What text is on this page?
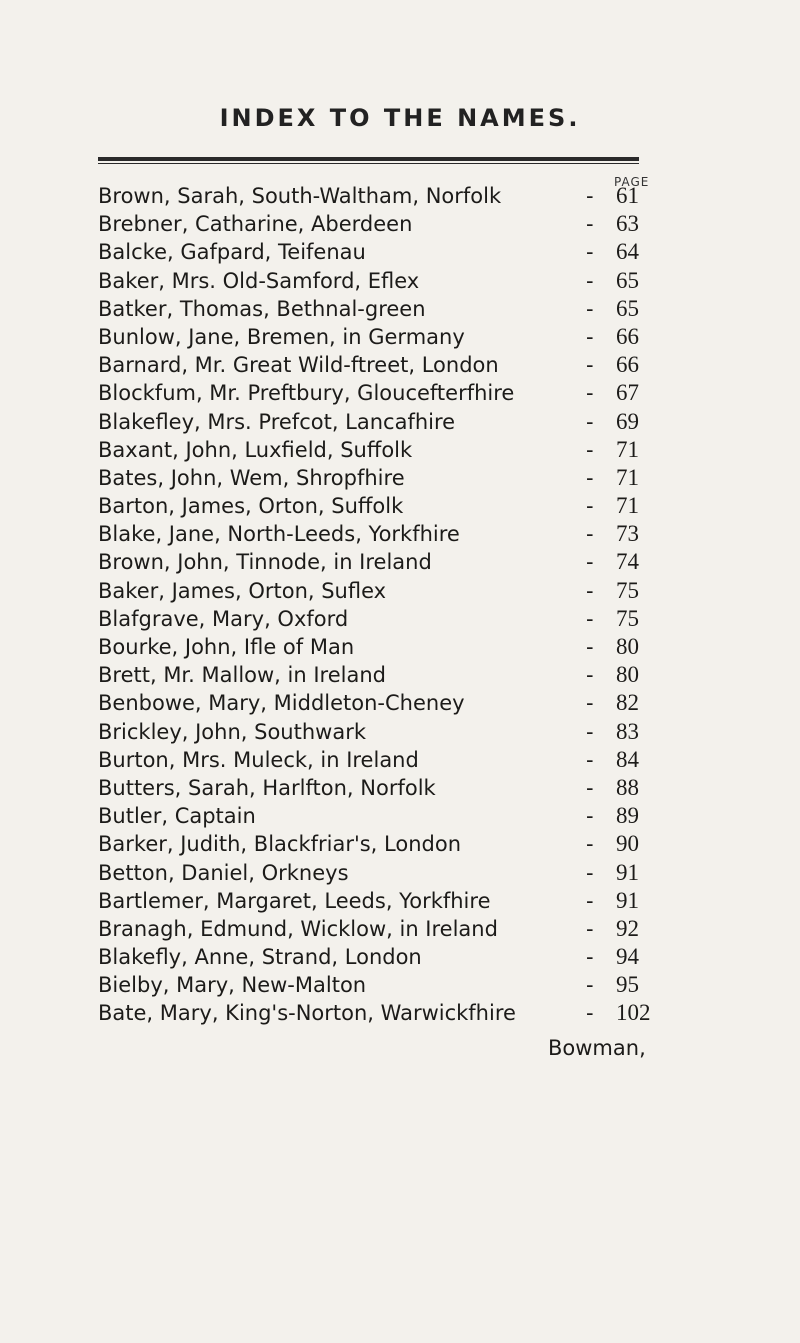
INDEX TO THE NAMES.
PAGE
Brown, Sarah, South-Waltham, Norfolk	- 61
Brebner, Catharine, Aberdeen	- 63
Balcke, Gafpard, Teifenau	- 64
Baker, Mrs. Old-Samford, Eflex	- 65
Batker, Thomas, Bethnal-green	- 65
Bunlow, Jane, Bremen, in Germany	- 66
Barnard, Mr. Great Wild-ftreet, London	- 66
Blockfum, Mr. Preftbury, Gloucefterfhire	- 67
Blakefley, Mrs. Prefcot, Lancafhire	- 69
Baxant, John, Luxfield, Suffolk	- 71
Bates, John, Wem, Shropfhire	- 71
Barton, James, Orton, Suffolk	- 71
Blake, Jane, North-Leeds, Yorkfhire	- 73
Brown, John, Tinnode, in Ireland	- 74
Baker, James, Orton, Suflex	- 75
Blafgrave, Mary, Oxford	- 75
Bourke, John, Ifle of Man	- 80
Brett, Mr. Mallow, in Ireland	- 80
Benbowe, Mary, Middleton-Cheney	- 82
Brickley, John, Southwark	- 83
Burton, Mrs. Muleck, in Ireland	- 84
Butters, Sarah, Harlfton, Norfolk	- 88
Butler, Captain	- 89
Barker, Judith, Blackfriar's, London	- 90
Betton, Daniel, Orkneys	- 91
Bartlemer, Margaret, Leeds, Yorkfhire	- 91
Branagh, Edmund, Wicklow, in Ireland	- 92
Blakefly, Anne, Strand, London	- 94
Bielby, Mary, New-Malton	- 95
Bate, Mary, King's-Norton, Warwickfhire	- 102
Bowman,
